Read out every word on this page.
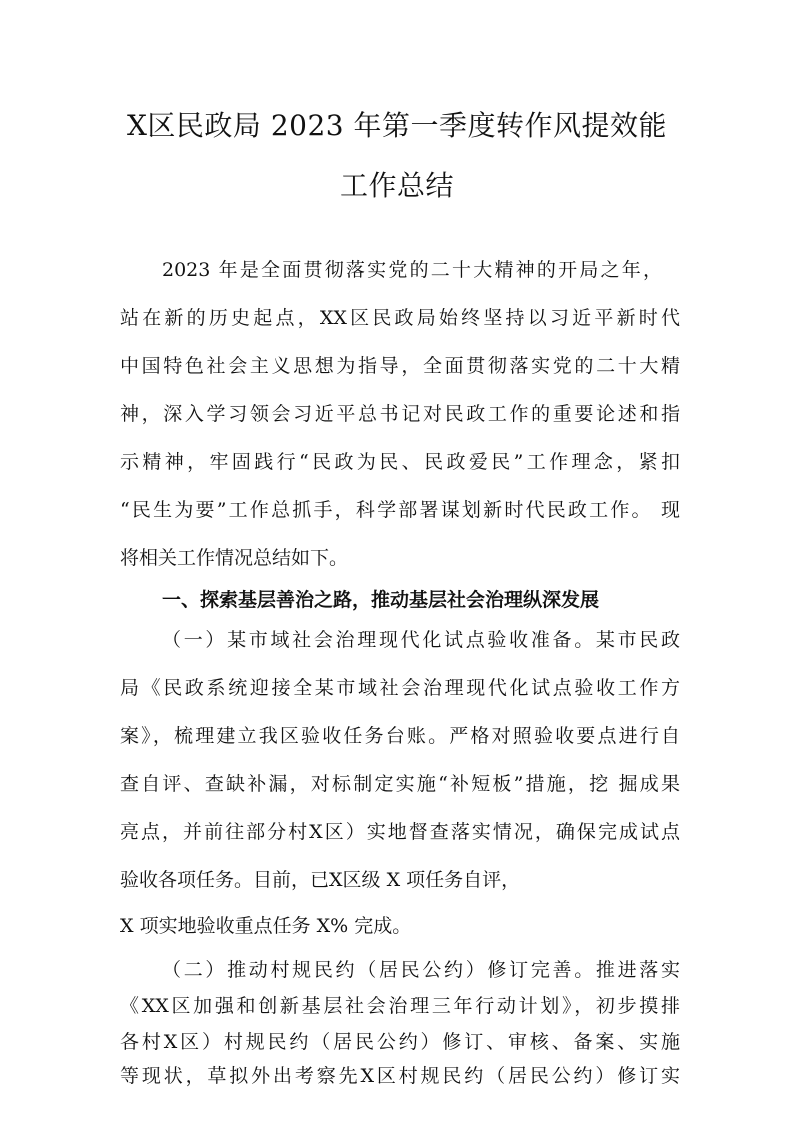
X区民政局 2023 年第一季度转作风提效能
工作总结
2023 年是全面贯彻落实党的二十大精神的开局之年，
站在新的历史起点，XX区民政局始终坚持以习近平新时代
中国特色社会主义思想为指导，全面贯彻落实党的二十大精
神，深入学习领会习近平总书记对民政工作的重要论述和指
示精神，牢固践行“民政为民、民政爱民”工作理念，紧扣
“民生为要”工作总抓手，科学部署谋划新时代民政工作。 现
将相关工作情况总结如下。
一、探索基层善治之路，推动基层社会治理纵深发展
（一）某市域社会治理现代化试点验收准备。某市民政
局《民政系统迎接全某市域社会治理现代化试点验收工作方
案》，梳理建立我区验收任务台账。严格对照验收要点进行自
查自评、查缺补漏，对标制定实施“补短板”措施，挖 掘成果
亮点，并前往部分村X区）实地督查落实情况，确保完成试点
验收各项任务。目前，已X区级 X 项任务自评，
X 项实地验收重点任务 X% 完成。
（二）推动村规民约（居民公约）修订完善。推进落实
《XX区加强和创新基层社会治理三年行动计划》，初步摸排
各村X区）村规民约（居民公约）修订、审核、备案、实施
等现状，草拟外出考察先X区村规民约（居民公约）修订实
